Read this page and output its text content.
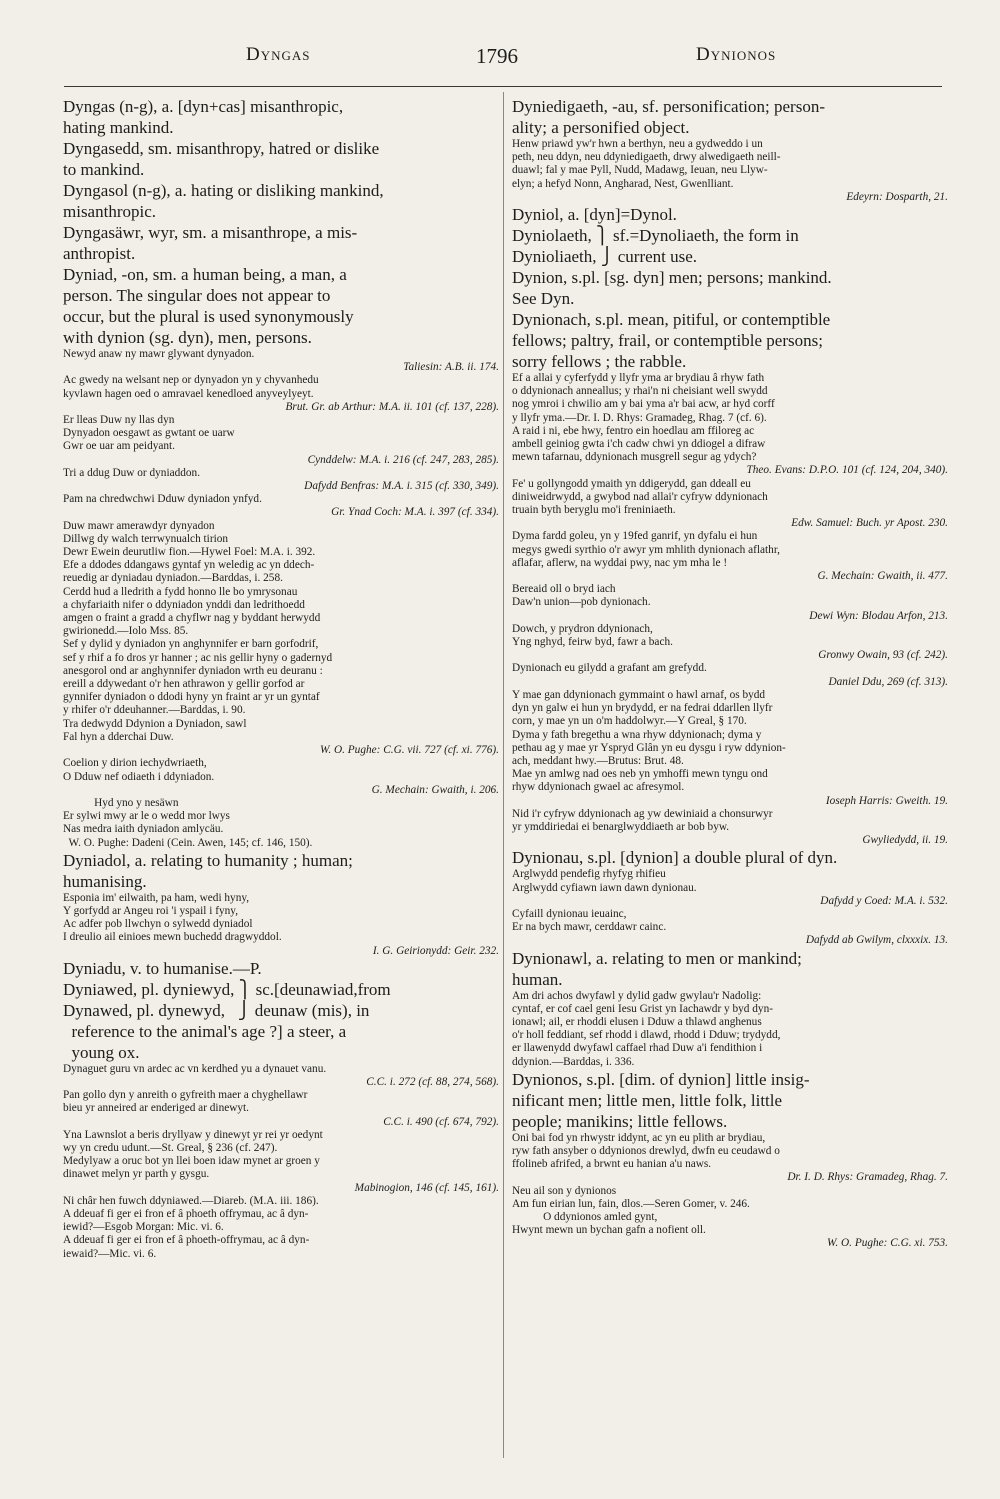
Dyngas	1796	Dynionos
Dyngas (n-g), a. [dyn+cas] misanthropic,
hating mankind.
Dyngasedd, sm. misanthropy, hatred or dislike
to mankind.
Dyngasol (n-g), a. hating or disliking mankind,
misanthropic.
Dyngasäwr, wyr, sm. a misanthrope, a mis-
anthropist.
Dyniad, -on, sm. a human being, a man, a
person. The singular does not appear to
occur, but the plural is used synonymously
with dynion (sg. dyn), men, persons.
Newyd anaw ny mawr glywant dynyadon.
Taliesin: A.B. ii. 174.
Ac gwedy na welsant nep or dynyadon yn y chyvanhedu
kyvlawn hagen oed o amravael kenedloed anyveylyeyt.
Brut. Gr. ab Arthur: M.A. ii. 101 (cf. 137, 228).
Er lleas Duw ny llas dyn
Dynyadon oesgawt as gwtant oe uarw
Gwr oe uar am peidyant.
Cynddelw: M.A. i. 216 (cf. 247, 283, 285).
Tri a ddug Duw or dyniaddon.
Dafydd Benfras: M.A. i. 315 (cf. 330, 349).
Pam na chredwchwi Dduw dyniadon ynfyd.
Gr. Ynad Coch: M.A. i. 397 (cf. 334).
Duw mawr amerawdyr dynyadon
Dillwg dy walch terrwynualch tirion
Dewr Ewein deurutliw fion.—Hywel Foel: M.A. i. 392.
Efe a ddodes ddangaws gyntaf yn weledig ac yn ddech-
reuedig ar dyniadau dyniadon.—Barddas, i. 258.
Cerdd hud a lledrith a fydd honno lle bo ymrysonau
a chyfariaith nifer o ddyniadon ynddi dan ledrithoedd
amgen o fraint a gradd a chyflwr nag y byddant herwydd
gwirionedd.—Iolo Mss. 85.
Sef y dylid y dyniadon yn anghynnifer er barn gorfodrif,
sef y rhif a fo dros yr hanner ; ac nis gellir hyny o gadernyd
anesgorol ond ar anghynnifer dyniadon wrth eu deuranu :
ereill a ddywedant o'r hen athrawon y gellir gorfod ar
gynnifer dyniadon o ddodi hyny yn fraint ar yr un gyntaf
y rhifer o'r ddeuhanner.—Barddas, i. 90.
Tra dedwydd Ddynion a Dyniadon, sawl
Fal hyn a dderchai Duw.
W. O. Pughe: C.G. vii. 727 (cf. xi. 776).
Coelion y dirion iechydwriaeth,
O Dduw nef odiaeth i ddyniadon.
G. Mechain: Gwaith, i. 206.
Hyd yno y nesäwn
Er sylwi mwy ar le o wedd mor lwys
Nas medra iaith dyniadon amlycäu.
W. O. Pughe: Dadeni (Cein. Awen, 145; cf. 146, 150).
Dyniadol, a. relating to humanity ; human;
humanising.
Esponia im' eilwaith, pa ham, wedi hyny,
Y gorfydd ar Angeu roi 'i yspail i fyny,
Ac adfer pob llwchyn o sylwedd dyniadol
I dreulio ail einioes mewn buchedd dragwyddol.
I. G. Geirionydd: Geir. 232.
Dyniadu, v. to humanise.—P.
Dyniawed, pl. dyniewyd, ⎫ sc.[deunawiad,from
Dynawed, pl. dynewyd,   ⎭ deunaw (mis), in
reference to the animal's age ?] a steer, a
young ox.
Dynaguet guru vn ardec ac vn kerdhed yu a dynauet vanu.
C.C. i. 272 (cf. 88, 274, 568).
Pan gollo dyn y anreith o gyfreith maer a chyghellawr
bieu yr anneired ar enderiged ar dinewyt.
C.C. i. 490 (cf. 674, 792).
Yna Lawnslot a beris dryllyaw y dinewyt yr rei yr oedynt
wy yn credu udunt.—St. Greal, § 236 (cf. 247).
Medylyaw a oruc bot yn llei boen idaw mynet ar groen y
dinawet melyn yr parth y gysgu.
Mabinogion, 146 (cf. 145, 161).
Ni châr hen fuwch ddyniawed.—Diareb. (M.A. iii. 186).
A ddeuaf fi ger ei fron ef â phoeth offrymau, ac â dyn-
iewid?—Esgob Morgan: Mic. vi. 6.
A ddeuaf fi ger ei fron ef â phoeth-offrymau, ac â dyn-
iewaid?—Mic. vi. 6.
Dyniedigaeth, -au, sf. personification; person-
ality; a personified object.
Henw priawd yw'r hwn a berthyn, neu a gydweddo i un
peth, neu ddyn, neu ddyniedigaeth, drwy alwedigaeth neill-
duawl; fal y mae Pyll, Nudd, Madawg, Ieuan, neu Llyw-
elyn; a hefyd Nonn, Angharad, Nest, Gwenlliant.
Edeyrn: Dosparth, 21.
Dyniol, a. [dyn]=Dynol.
Dyniolaeth, ⎫ sf.=Dynoliaeth, the form in
Dynioliaeth, ⎭ current use.
Dynion, s.pl. [sg. dyn] men; persons; mankind.
See Dyn.
Dynionach, s.pl. mean, pitiful, or contemptible
fellows; paltry, frail, or contemptible persons;
sorry fellows ; the rabble.
Ef a allai y cyferfydd y llyfr yma ar brydiau â rhyw fath
o ddynionach anneallus; y rhai'n ni cheisiant well swydd
nog ymroi i chwilio am y bai yma a'r bai acw, ar hyd corff
y llyfr yma.—Dr. I. D. Rhys: Gramadeg, Rhag. 7 (cf. 6).
A raid i ni, ebe hwy, fentro ein hoedlau am ffiloreg ac
ambell geiniog gwta i'ch cadw chwi yn ddiogel a difraw
mewn tafarnau, ddynionach musgrell segur ag ydych?
Theo. Evans: D.P.O. 101 (cf. 124, 204, 340).
Fe' u gollyngodd ymaith yn ddigerydd, gan ddeall eu
diniweidrwydd, a gwybod nad allai'r cyfryw ddynionach
truain byth beryglu mo'i freniniaeth.
Edw. Samuel: Buch. yr Apost. 230.
Dyma fardd goleu, yn y 19fed ganrif, yn dyfalu ei hun
megys gwedi syrthio o'r awyr ym mhlith dynionach aflathr,
aflafar, aflerw, na wyddai pwy, nac ym mha le !
G. Mechain: Gwaith, ii. 477.
Bereaid oll o bryd iach
Daw'n union—pob dynionach.
Dewi Wyn: Blodau Arfon, 213.
Dowch, y prydron ddynionach,
Yng nghyd, feirw byd, fawr a bach.
Gronwy Owain, 93 (cf. 242).
Dynionach eu gilydd a grafant am grefydd.
Daniel Ddu, 269 (cf. 313).
Y mae gan ddynionach gymmaint o hawl arnaf, os bydd
dyn yn galw ei hun yn brydydd, er na fedrai ddarllen llyfr
corn, y mae yn un o'm haddolwyr.—Y Greal, § 170.
Dyma y fath bregethu a wna rhyw ddynionach; dyma y
pethau ag y mae yr Yspryd Glân yn eu dysgu i ryw ddynion-
ach, meddant hwy.—Brutus: Brut. 48.
Mae yn amlwg nad oes neb yn ymhoffi mewn tyngu ond
rhyw ddynionach gwael ac afresymol.
Ioseph Harris: Gweith. 19.
Nid i'r cyfryw ddynionach ag yw dewiniaid a chonsurwyr
yr ymddiriedai ei benarglwyddiaeth ar bob byw.
Gwyliedydd, ii. 19.
Dynionau, s.pl. [dynion] a double plural of dyn.
Arglwydd pendefig rhyfyg rhifieu
Arglwydd cyfiawn iawn dawn dynionau.
Dafydd y Coed: M.A. i. 532.
Cyfaill dynionau ieuainc,
Er na bych mawr, cerddawr cainc.
Dafydd ab Gwilym, clxxxix. 13.
Dynionawl, a. relating to men or mankind;
human.
Am dri achos dwyfawl y dylid gadw gwylau'r Nadolig:
cyntaf, er cof cael geni Iesu Grist yn Iachawdr y byd dyn-
ionawl; ail, er rhoddi elusen i Dduw a thlawd anghenus
o'r holl feddiant, sef rhodd i dlawd, rhodd i Dduw; trydydd,
er llawenydd dwyfawl caffael rhad Duw a'i fendithion i
ddynion.—Barddas, i. 336.
Dynionos, s.pl. [dim. of dynion] little insig-
nificant men; little men, little folk, little
people; manikins; little fellows.
Oni bai fod yn rhwystr iddynt, ac yn eu plith ar brydiau,
ryw fath ansyber o ddynionos drewlyd, dwfn eu ceudawd o
ffolineb afrifed, a brwnt eu hanian a'u naws.
Dr. I. D. Rhys: Gramadeg, Rhag. 7.
Neu ail son y dynionos
Am fun eirian lun, fain, dlos.—Seren Gomer, v. 246.
O ddynionos amled gynt,
Hwynt mewn un bychan gafn a nofient oll.
W. O. Pughe: C.G. xi. 753.
